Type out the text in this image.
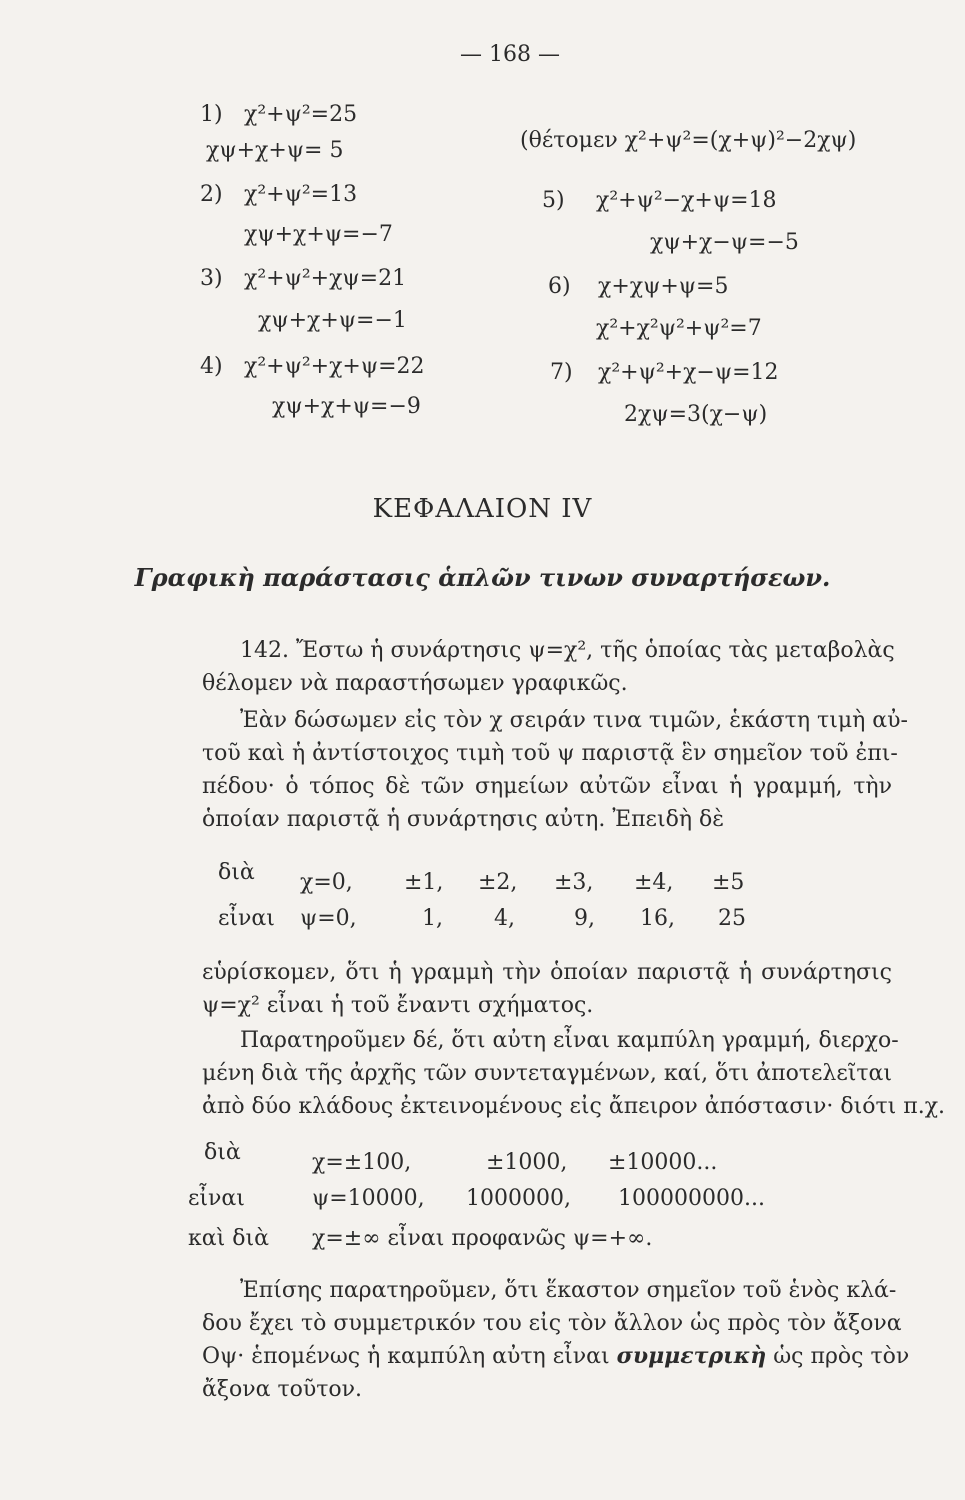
— 168 —
1) χ²+ψ²=25
χψ+χ+ψ= 5
2) χ²+ψ²=13
χψ+χ+ψ=−7
3) χ²+ψ²+χψ=21
χψ+χ+ψ=−1
4) χ²+ψ²+χ+ψ=22
χψ+χ+ψ=−9
(θέτομεν χ²+ψ²=(χ+ψ)²−2χψ)
5) χ²+ψ²−χ+ψ=18
χψ+χ−ψ=−5
6) χ+χψ+ψ=5
χ²+χ²ψ²+ψ²=7
7) χ²+ψ²+χ−ψ=12
2χψ=3(χ−ψ)
ΚΕΦΑΛΑΙΟΝ IV
Γραφικὴ παράστασις ἁπλῶν τινων συναρτήσεων.
142. Ἔστω ἡ συνάρτησις ψ=χ², τῆς ὁποίας τὰς μεταβολὰς
θέλομεν νὰ παραστήσωμεν γραφικῶς.
Ἐὰν δώσωμεν εἰς τὸν χ σειράν τινα τιμῶν, ἑκάστη τιμὴ αὐ-
τοῦ καὶ ἡ ἀντίστοιχος τιμὴ τοῦ ψ παριστᾷ ἓν σημεῖον τοῦ ἐπι-
πέδου· ὁ τόπος δὲ τῶν σημείων αὐτῶν εἶναι ἡ γραμμή, τὴν
ὁποίαν παριστᾷ ἡ συνάρτησις αὐτη. Ἐπειδὴ δὲ
διὰ χ=0, ±1, ±2, ±3, ±4, ±5
εἶναι ψ=0,	1, 4,	9, 16, 25
εὑρίσκομεν, ὅτι ἡ γραμμὴ τὴν ὁποίαν παριστᾷ ἡ συνάρτησις
ψ=χ² εἶναι ἡ τοῦ ἔναντι σχήματος.
Παρατηροῦμεν δέ, ὅτι αὐτη εἶναι καμπύλη γραμμή, διερχο-
μένη διὰ τῆς ἀρχῆς τῶν συντεταγμένων, καί, ὅτι ἀποτελεῖται
ἀπὸ δύο κλάδους ἐκτεινομένους εἰς ἄπειρον ἀπόστασιν· διότι π.χ.
διὰ	χ=±100,	±1000, ±10000...
εἶναι	ψ=10000, 1000000, 100000000...
καὶ διὰ χ=±∞ εἶναι προφανῶς ψ=+∞.
Ἐπίσης παρατηροῦμεν, ὅτι ἕκαστον σημεῖον τοῦ ἑνὸς κλά-
δου ἔχει τὸ συμμετρικόν του εἰς τὸν ἄλλον ὡς πρὸς τὸν ἄξονα
Οψ· ἑπομένως ἡ καμπύλη αὐτη εἶναι συμμετρικὴ ὡς πρὸς τὸν
ἄξονα τοῦτον.
